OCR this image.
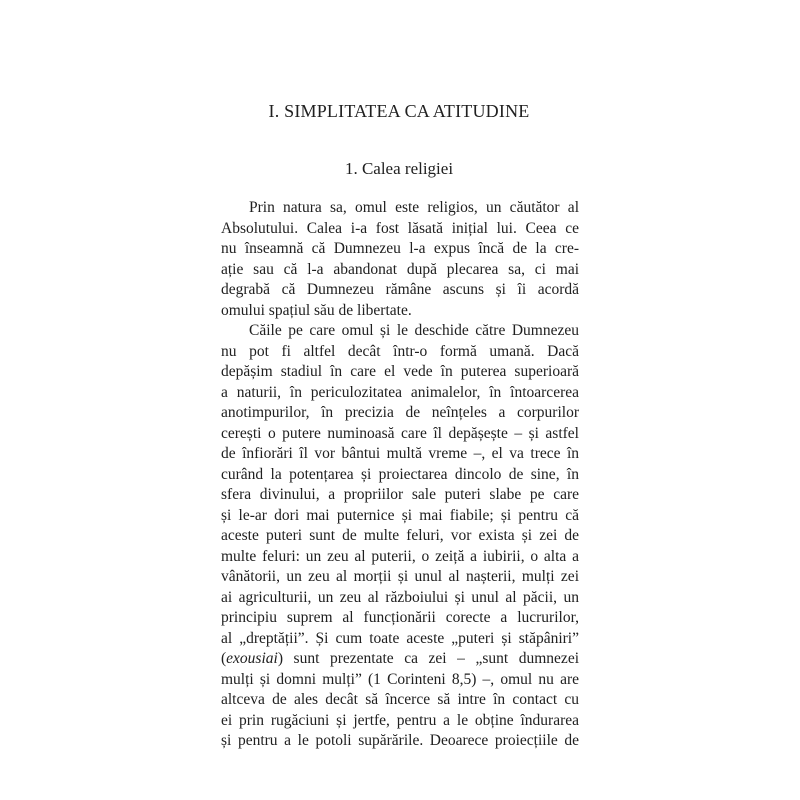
I. SIMPLITATEA CA ATITUDINE
1. Calea religiei
Prin natura sa, omul este religios, un căutător al
Absolutului. Calea i-a fost lăsată inițial lui. Ceea ce
nu înseamnă că Dumnezeu l-a expus încă de la cre-
ație sau că l-a abandonat după plecarea sa, ci mai
degrabă că Dumnezeu rămâne ascuns și îi acordă
omului spațiul său de libertate.
Căile pe care omul și le deschide către Dumnezeu
nu pot fi altfel decât într-o formă umană. Dacă
depășim stadiul în care el vede în puterea superioară
a naturii, în periculozitatea animalelor, în întoarcerea
anotimpurilor, în precizia de neînțeles a corpurilor
cerești o putere numinoasă care îl depășește – și astfel
de înfiorări îl vor bântui multă vreme –, el va trece în
curând la potențarea și proiectarea dincolo de sine, în
sfera divinului, a propriilor sale puteri slabe pe care
și le-ar dori mai puternice și mai fiabile; și pentru că
aceste puteri sunt de multe feluri, vor exista și zei de
multe feluri: un zeu al puterii, o zeiță a iubirii, o alta a
vânătorii, un zeu al morții și unul al nașterii, mulți zei
ai agriculturii, un zeu al războiului și unul al păcii, un
principiu suprem al funcționării corecte a lucrurilor,
al „dreptății”. Și cum toate aceste „puteri și stăpâniri”
(exousiai) sunt prezentate ca zei – „sunt dumnezei
mulți și domni mulți” (1 Corinteni 8,5) –, omul nu are
altceva de ales decât să încerce să intre în contact cu
ei prin rugăciuni și jertfe, pentru a le obține îndurarea
și pentru a le potoli supărările. Deoarece proiecțiile de
